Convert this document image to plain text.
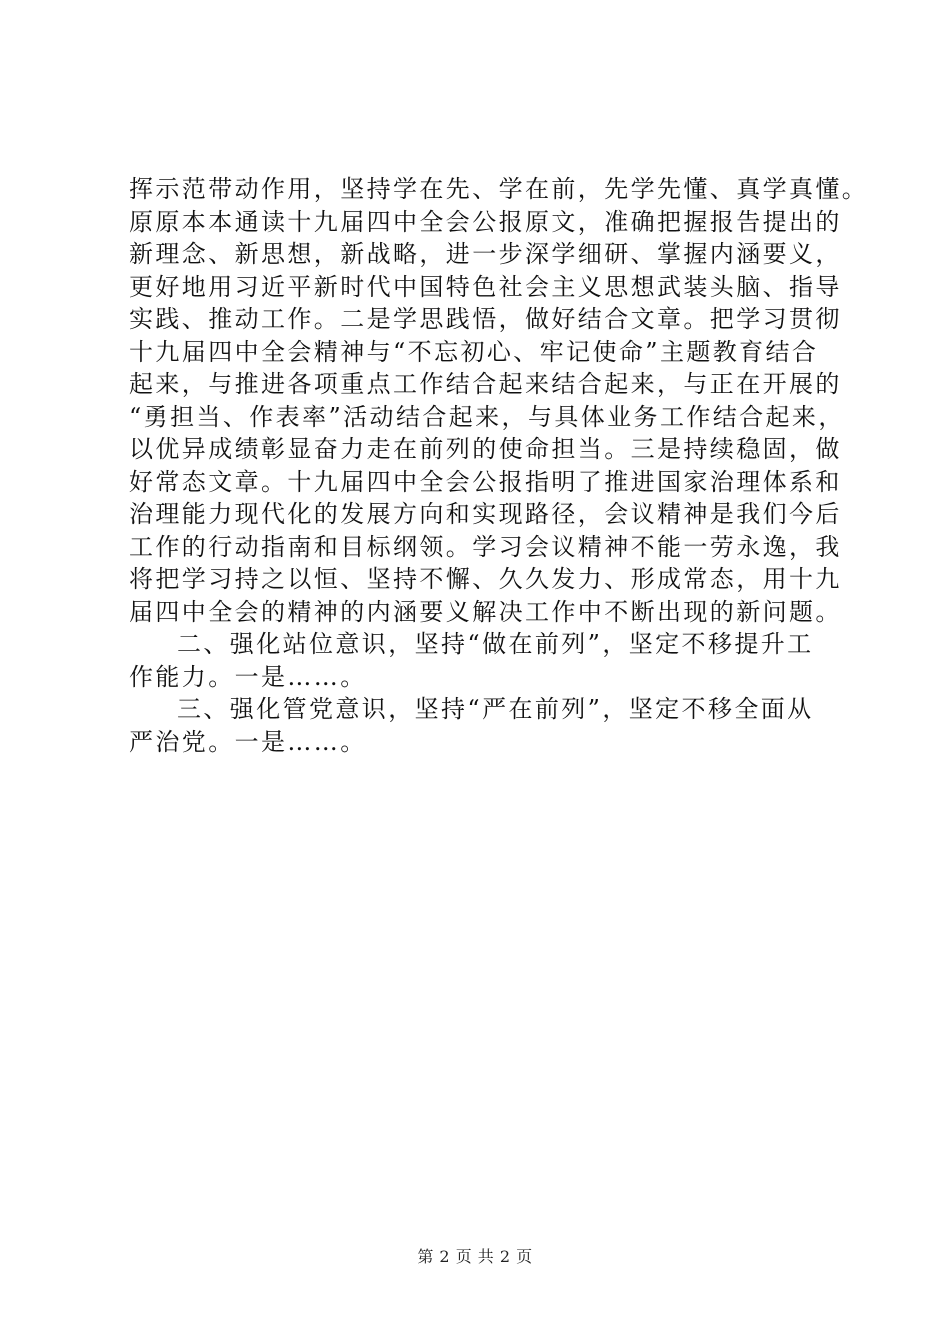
挥示范带动作用，坚持学在先、学在前，先学先懂、真学真懂。
原原本本通读十九届四中全会公报原文，准确把握报告提出的
新理念、新思想，新战略，进一步深学细研、掌握内涵要义，
更好地用习近平新时代中国特色社会主义思想武装头脑、指导
实践、推动工作。二是学思践悟，做好结合文章。把学习贯彻
十九届四中全会精神与“不忘初心、牢记使命”主题教育结合
起来，与推进各项重点工作结合起来结合起来，与正在开展的
“勇担当、作表率”活动结合起来，与具体业务工作结合起来，
以优异成绩彰显奋力走在前列的使命担当。三是持续稳固，做
好常态文章。十九届四中全会公报指明了推进国家治理体系和
治理能力现代化的发展方向和实现路径，会议精神是我们今后
工作的行动指南和目标纲领。学习会议精神不能一劳永逸，我
将把学习持之以恒、坚持不懈、久久发力、形成常态，用十九
届四中全会的精神的内涵要义解决工作中不断出现的新问题。
二、强化站位意识，坚持“做在前列”，坚定不移提升工
作能力。一是……。
三、强化管党意识，坚持“严在前列”，坚定不移全面从
严治党。一是……。
第 2 页 共 2 页
